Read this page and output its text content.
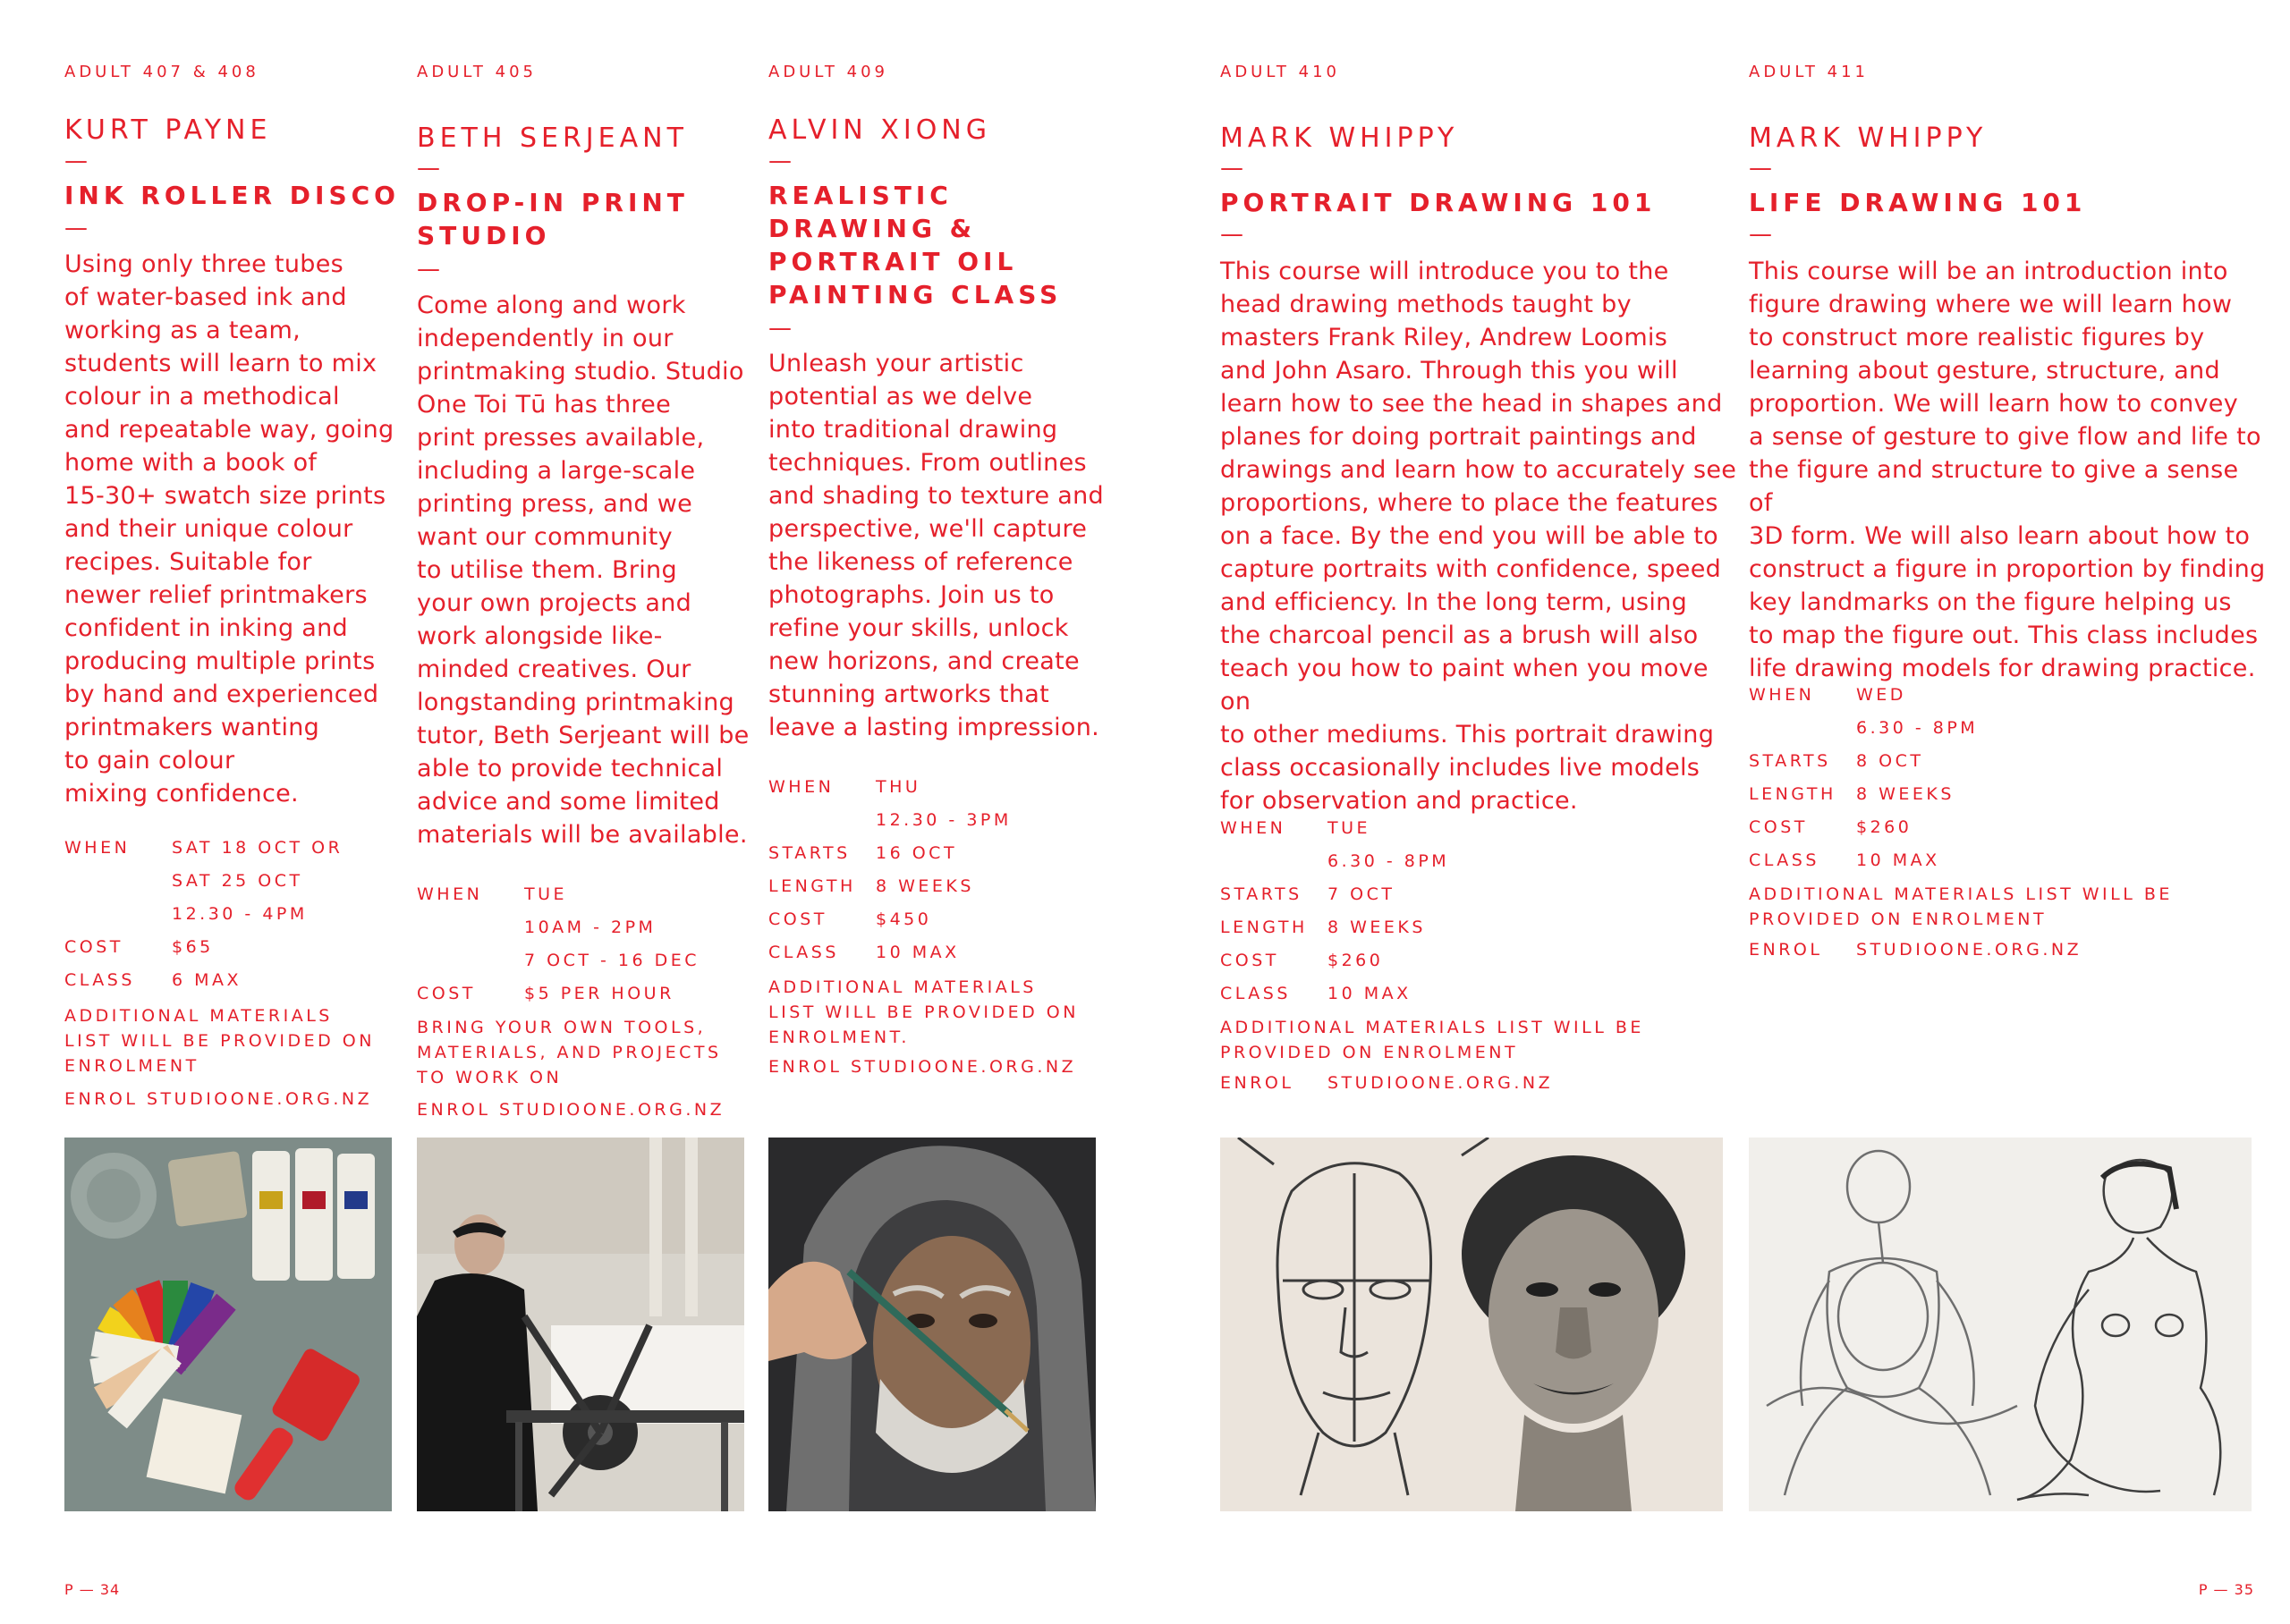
ADULT 407 & 408
KURT PAYNE
—
INK ROLLER DISCO
—
Using only three tubes
of water-based ink and
working as a team,
students will learn to mix
colour in a methodical
and repeatable way, going
home with a book of
15-30+ swatch size prints
and their unique colour
recipes. Suitable for
newer relief printmakers
confident in inking and
producing multiple prints
by hand and experienced
printmakers wanting
to gain colour
mixing confidence.
WHEN	SAT 18 OCT OR
SAT 25 OCT
12.30 - 4PM
COST	$65
CLASS	6 MAX
ADDITIONAL MATERIALS
LIST WILL BE PROVIDED ON
ENROLMENT
ENROL STUDIOONE.ORG.NZ
ADULT 405
BETH SERJEANT
—
DROP-IN PRINT
STUDIO
—
Come along and work
independently in our
printmaking studio. Studio
One Toi Tū has three
print presses available,
including a large-scale
printing press, and we
want our community
to utilise them. Bring
your own projects and
work alongside like-
minded creatives. Our
longstanding printmaking
tutor, Beth Serjeant will be
able to provide technical
advice and some limited
materials will be available.
WHEN	TUE
10AM - 2PM
7 OCT - 16 DEC
COST	$5 PER HOUR
BRING YOUR OWN TOOLS,
MATERIALS, AND PROJECTS
TO WORK ON
ENROL STUDIOONE.ORG.NZ
ADULT 409
ALVIN XIONG
—
REALISTIC
DRAWING &
PORTRAIT OIL
PAINTING CLASS
—
Unleash your artistic
potential as we delve
into traditional drawing
techniques. From outlines
and shading to texture and
perspective, we'll capture
the likeness of reference
photographs. Join us to
refine your skills, unlock
new horizons, and create
stunning artworks that
leave a lasting impression.
WHEN	THU
12.30 - 3PM
STARTS	16 OCT
LENGTH	8 WEEKS
COST	$450
CLASS	10 MAX
ADDITIONAL MATERIALS
LIST WILL BE PROVIDED ON
ENROLMENT.
ENROL STUDIOONE.ORG.NZ
ADULT 410
MARK WHIPPY
—
PORTRAIT DRAWING 101
—
This course will introduce you to the
head drawing methods taught by
masters Frank Riley, Andrew Loomis
and John Asaro. Through this you will
learn how to see the head in shapes and
planes for doing portrait paintings and
drawings and learn how to accurately see
proportions, where to place the features
on a face. By the end you will be able to
capture portraits with confidence, speed
and efficiency. In the long term, using
the charcoal pencil as a brush will also
teach you how to paint when you move on
to other mediums. This portrait drawing
class occasionally includes live models
for observation and practice.
WHEN	TUE
6.30 - 8PM
STARTS	7 OCT
LENGTH	8 WEEKS
COST	$260
CLASS	10 MAX
ADDITIONAL MATERIALS LIST WILL BE
PROVIDED ON ENROLMENT
ENROL	STUDIOONE.ORG.NZ
ADULT 411
MARK WHIPPY
—
LIFE DRAWING 101
—
This course will be an introduction into
figure drawing where we will learn how
to construct more realistic figures by
learning about gesture, structure, and
proportion. We will learn how to convey
a sense of gesture to give flow and life to
the figure and structure to give a sense of
3D form. We will also learn about how to
construct a figure in proportion by finding
key landmarks on the figure helping us
to map the figure out. This class includes
life drawing models for drawing practice.
WHEN	WED
6.30 - 8PM
STARTS	8 OCT
LENGTH	8 WEEKS
COST	$260
CLASS	10 MAX
ADDITIONAL MATERIALS LIST WILL BE
PROVIDED ON ENROLMENT
ENROL	STUDIOONE.ORG.NZ
P — 34	P — 35
